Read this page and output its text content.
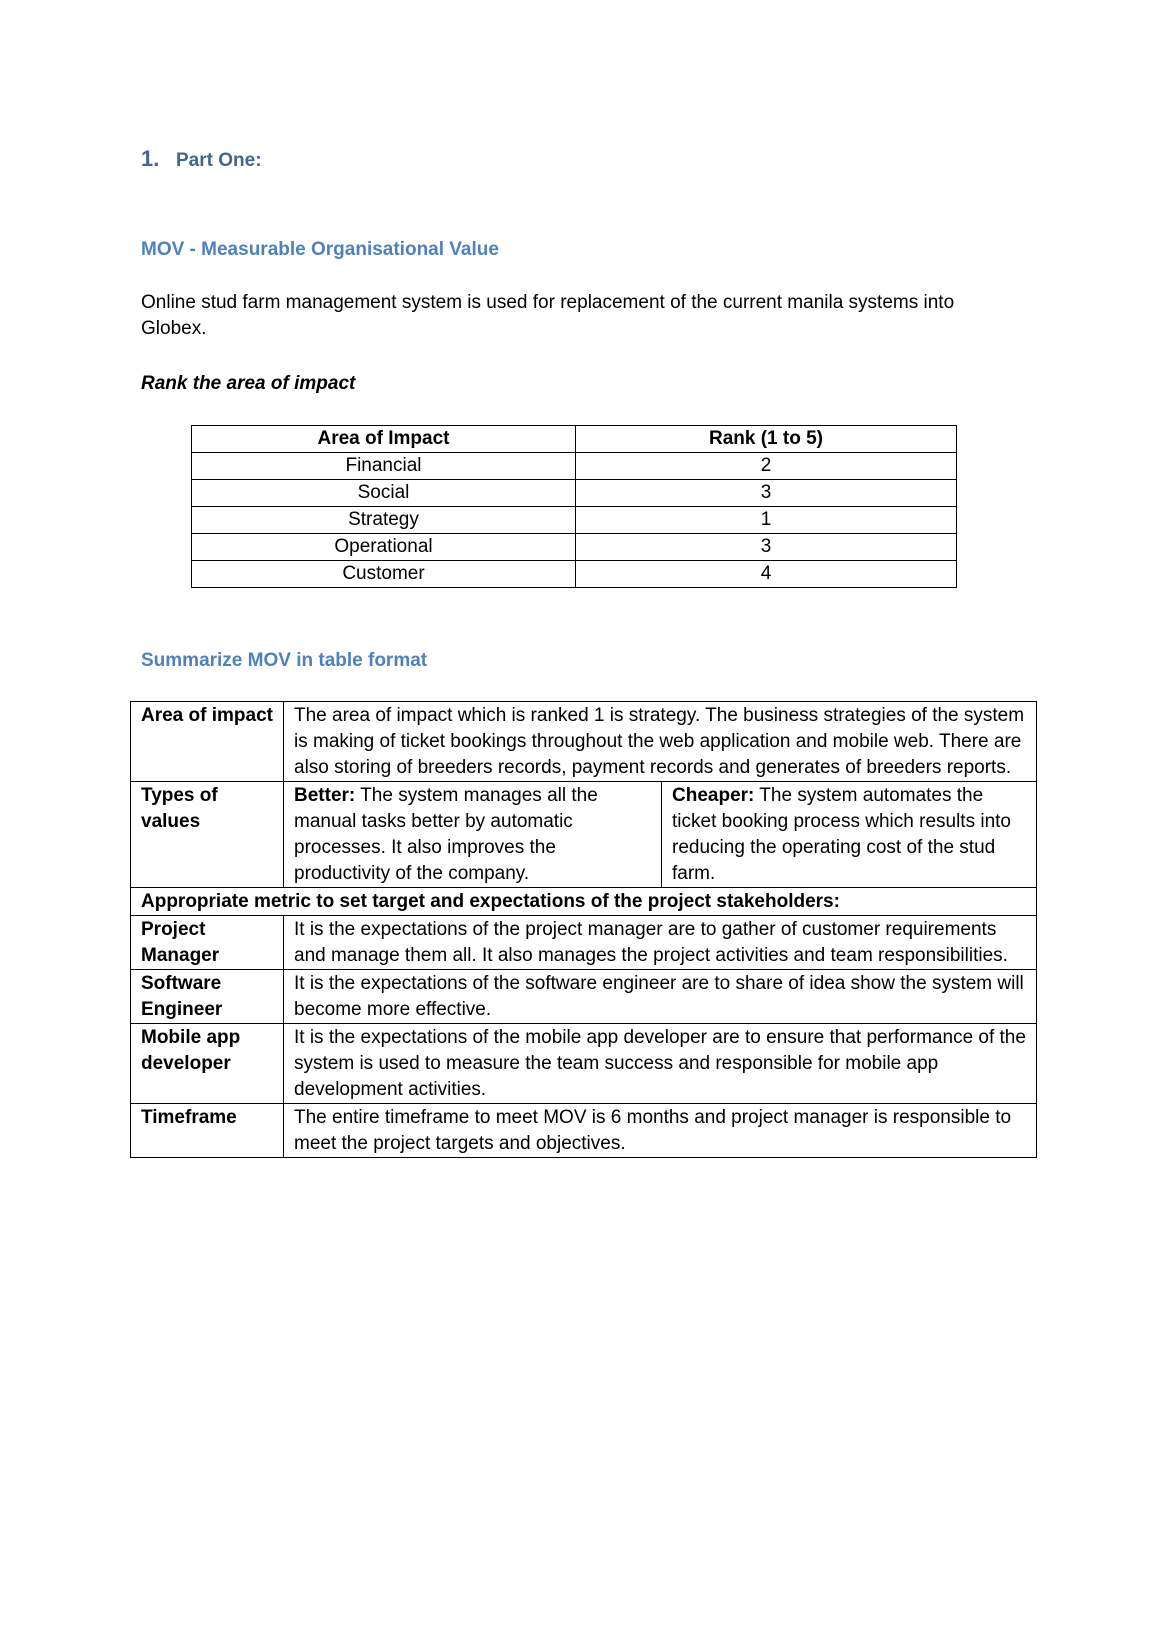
1. Part One:
MOV - Measurable Organisational Value
Online stud farm management system is used for replacement of the current manila systems into Globex.
Rank the area of impact
Area of Impact	Rank (1 to 5)
Financial	2
Social	3
Strategy	1
Operational	3
Customer	4
Summarize MOV in table format
Area of impact	The area of impact which is ranked 1 is strategy. The business strategies of the system is making of ticket bookings throughout the web application and mobile web. There are also storing of breeders records, payment records and generates of breeders reports.	
Types of values	Better: The system manages all the manual tasks better by automatic processes. It also improves the productivity of the company.	Cheaper: The system automates the ticket booking process which results into reducing the operating cost of the stud farm.
Appropriate metric to set target and expectations of the project stakeholders:		
Project Manager	It is the expectations of the project manager are to gather of customer requirements and manage them all. It also manages the project activities and team responsibilities.	
Software Engineer	It is the expectations of the software engineer are to share of idea show the system will become more effective.	
Mobile app developer	It is the expectations of the mobile app developer are to ensure that performance of the system is used to measure the team success and responsible for mobile app development activities.	
Timeframe	The entire timeframe to meet MOV is 6 months and project manager is responsible to meet the project targets and objectives.	
